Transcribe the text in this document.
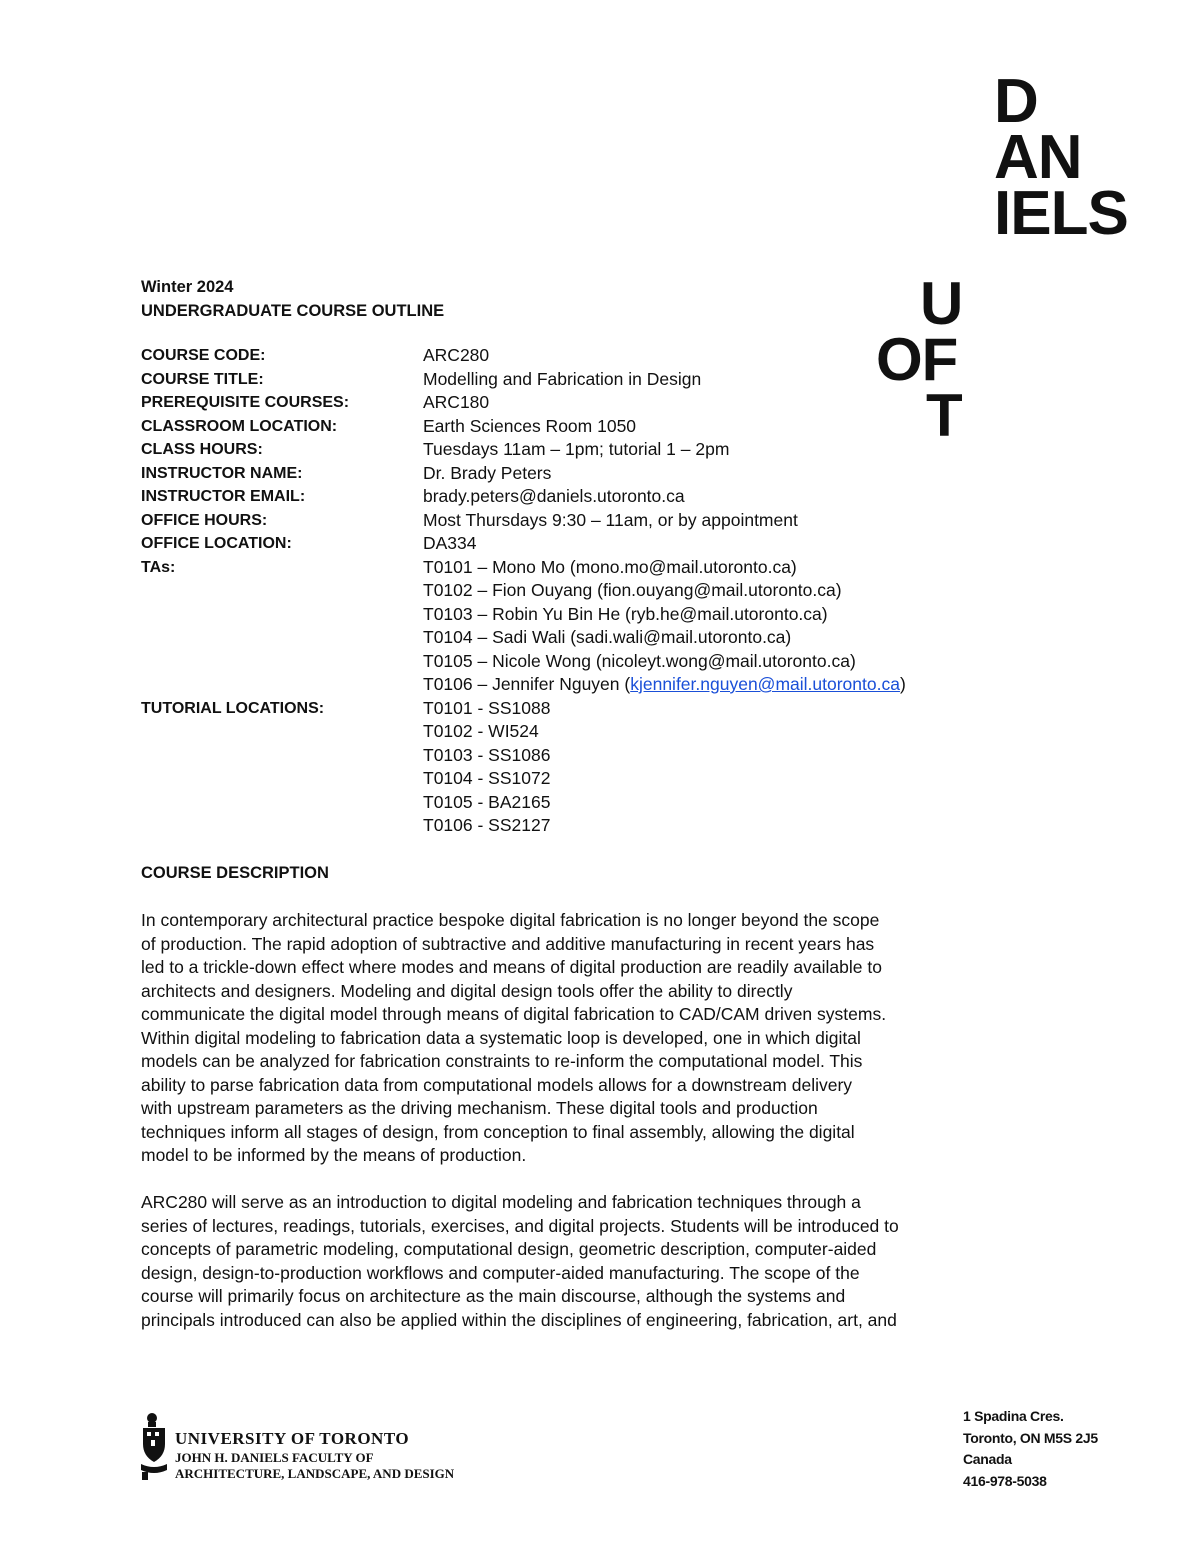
D
AN
IELS
U
OF
T
Winter 2024
UNDERGRADUATE COURSE OUTLINE
COURSE CODE:	ARC280
COURSE TITLE:	Modelling and Fabrication in Design
PREREQUISITE COURSES:	ARC180
CLASSROOM LOCATION:	Earth Sciences Room 1050
CLASS HOURS:	Tuesdays 11am – 1pm; tutorial 1 – 2pm
INSTRUCTOR NAME:	Dr. Brady Peters
INSTRUCTOR EMAIL:	brady.peters@daniels.utoronto.ca
OFFICE HOURS:	Most Thursdays 9:30 – 11am, or by appointment
OFFICE LOCATION:	DA334
TAs:	T0101 – Mono Mo (mono.mo@mail.utoronto.ca)
T0102 – Fion Ouyang (fion.ouyang@mail.utoronto.ca)
T0103 – Robin Yu Bin He (ryb.he@mail.utoronto.ca)
T0104 – Sadi Wali (sadi.wali@mail.utoronto.ca)
T0105 – Nicole Wong (nicoleyt.wong@mail.utoronto.ca)
T0106 – Jennifer Nguyen (kjennifer.nguyen@mail.utoronto.ca)
TUTORIAL LOCATIONS:	T0101 - SS1088
T0102 - WI524
T0103 - SS1086
T0104 - SS1072
T0105 - BA2165
T0106 - SS2127
COURSE DESCRIPTION
In contemporary architectural practice bespoke digital fabrication is no longer beyond the scope
of production. The rapid adoption of subtractive and additive manufacturing in recent years has
led to a trickle-down effect where modes and means of digital production are readily available to
architects and designers. Modeling and digital design tools offer the ability to directly
communicate the digital model through means of digital fabrication to CAD/CAM driven systems.
Within digital modeling to fabrication data a systematic loop is developed, one in which digital
models can be analyzed for fabrication constraints to re-inform the computational model. This
ability to parse fabrication data from computational models allows for a downstream delivery
with upstream parameters as the driving mechanism. These digital tools and production
techniques inform all stages of design, from conception to final assembly, allowing the digital
model to be informed by the means of production.
ARC280 will serve as an introduction to digital modeling and fabrication techniques through a
series of lectures, readings, tutorials, exercises, and digital projects. Students will be introduced to
concepts of parametric modeling, computational design, geometric description, computer-aided
design, design-to-production workflows and computer-aided manufacturing. The scope of the
course will primarily focus on architecture as the main discourse, although the systems and
principals introduced can also be applied within the disciplines of engineering, fabrication, art, and
UNIVERSITY OF TORONTO
JOHN H. DANIELS FACULTY OF
ARCHITECTURE, LANDSCAPE, AND DESIGN
1 Spadina Cres.
Toronto, ON M5S 2J5
Canada
416-978-5038
